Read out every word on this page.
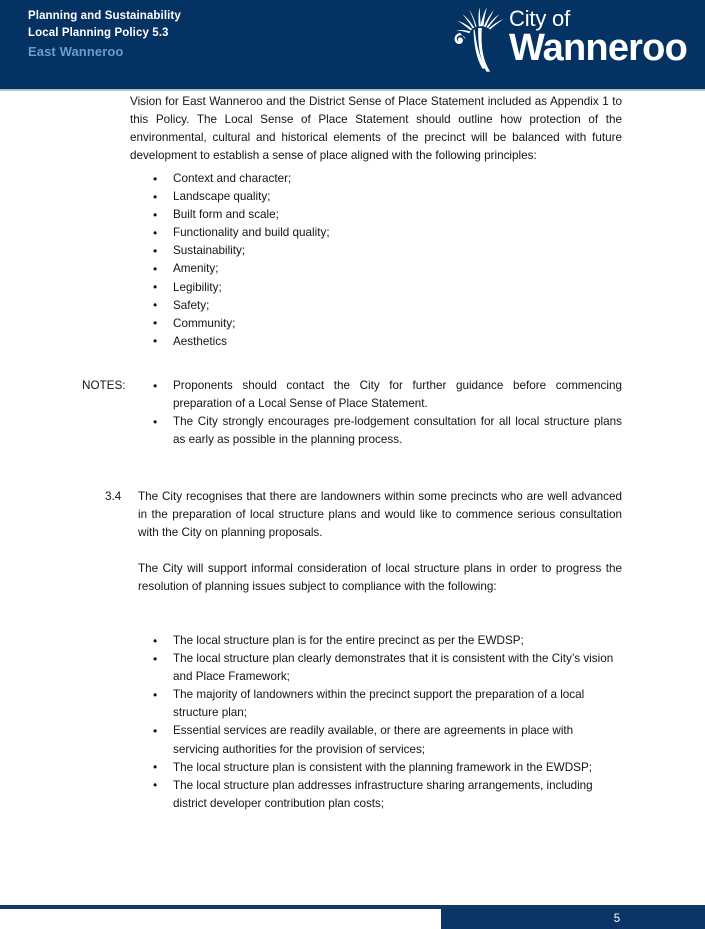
Planning and Sustainability
Local Planning Policy 5.3
East Wanneroo
City of
Wanneroo
Vision for East Wanneroo and the District Sense of Place Statement included as Appendix 1 to this Policy. The Local Sense of Place Statement should outline how protection of the environmental, cultural and historical elements of the precinct will be balanced with future development to establish a sense of place aligned with the following principles:
• Context and character;
• Landscape quality;
• Built form and scale;
• Functionality and build quality;
• Sustainability;
• Amenity;
• Legibility;
• Safety;
• Community;
• Aesthetics
NOTES:	• Proponents should contact the City for further guidance before commencing preparation of a Local Sense of Place Statement.
• The City strongly encourages pre-lodgement consultation for all local structure plans as early as possible in the planning process.
3.4 The City recognises that there are landowners within some precincts who are well advanced in the preparation of local structure plans and would like to commence serious consultation with the City on planning proposals.

The City will support informal consideration of local structure plans in order to progress the resolution of planning issues subject to compliance with the following:

• The local structure plan is for the entire precinct as per the EWDSP;
• The local structure plan clearly demonstrates that it is consistent with the City’s vision and Place Framework;
• The majority of landowners within the precinct support the preparation of a local structure plan;
• Essential services are readily available, or there are agreements in place with servicing authorities for the provision of services;
• The local structure plan is consistent with the planning framework in the EWDSP;
• The local structure plan addresses infrastructure sharing arrangements, including district developer contribution plan costs;
5
